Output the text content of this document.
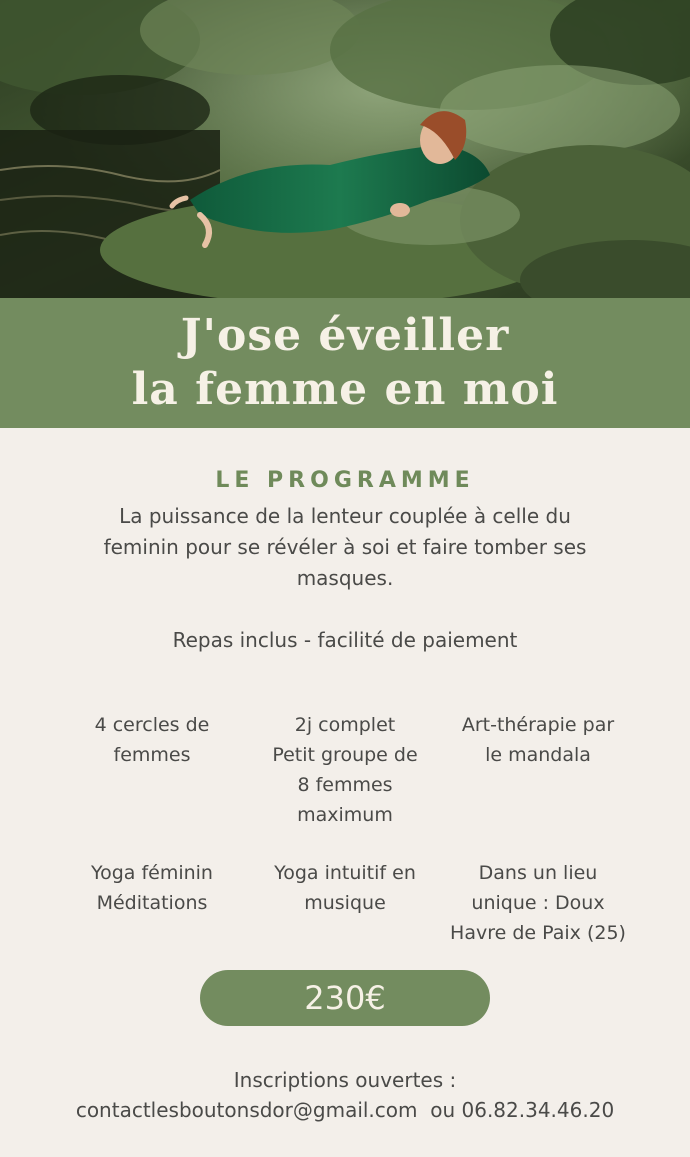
J'ose éveiller
la femme en moi
LE PROGRAMME
La puissance de la lenteur couplée à celle du feminin pour se révéler à soi et faire tomber ses masques.
Repas inclus - facilité de paiement
4 cercles de
femmes
2j complet
Petit groupe de
8 femmes
maximum
Art-thérapie par
le mandala
Yoga féminin
Méditations
Yoga intuitif en
musique
Dans un lieu
unique : Doux
Havre de Paix (25)
230€
Inscriptions ouvertes :
contactlesboutonsdor@gmail.com  ou 06.82.34.46.20
